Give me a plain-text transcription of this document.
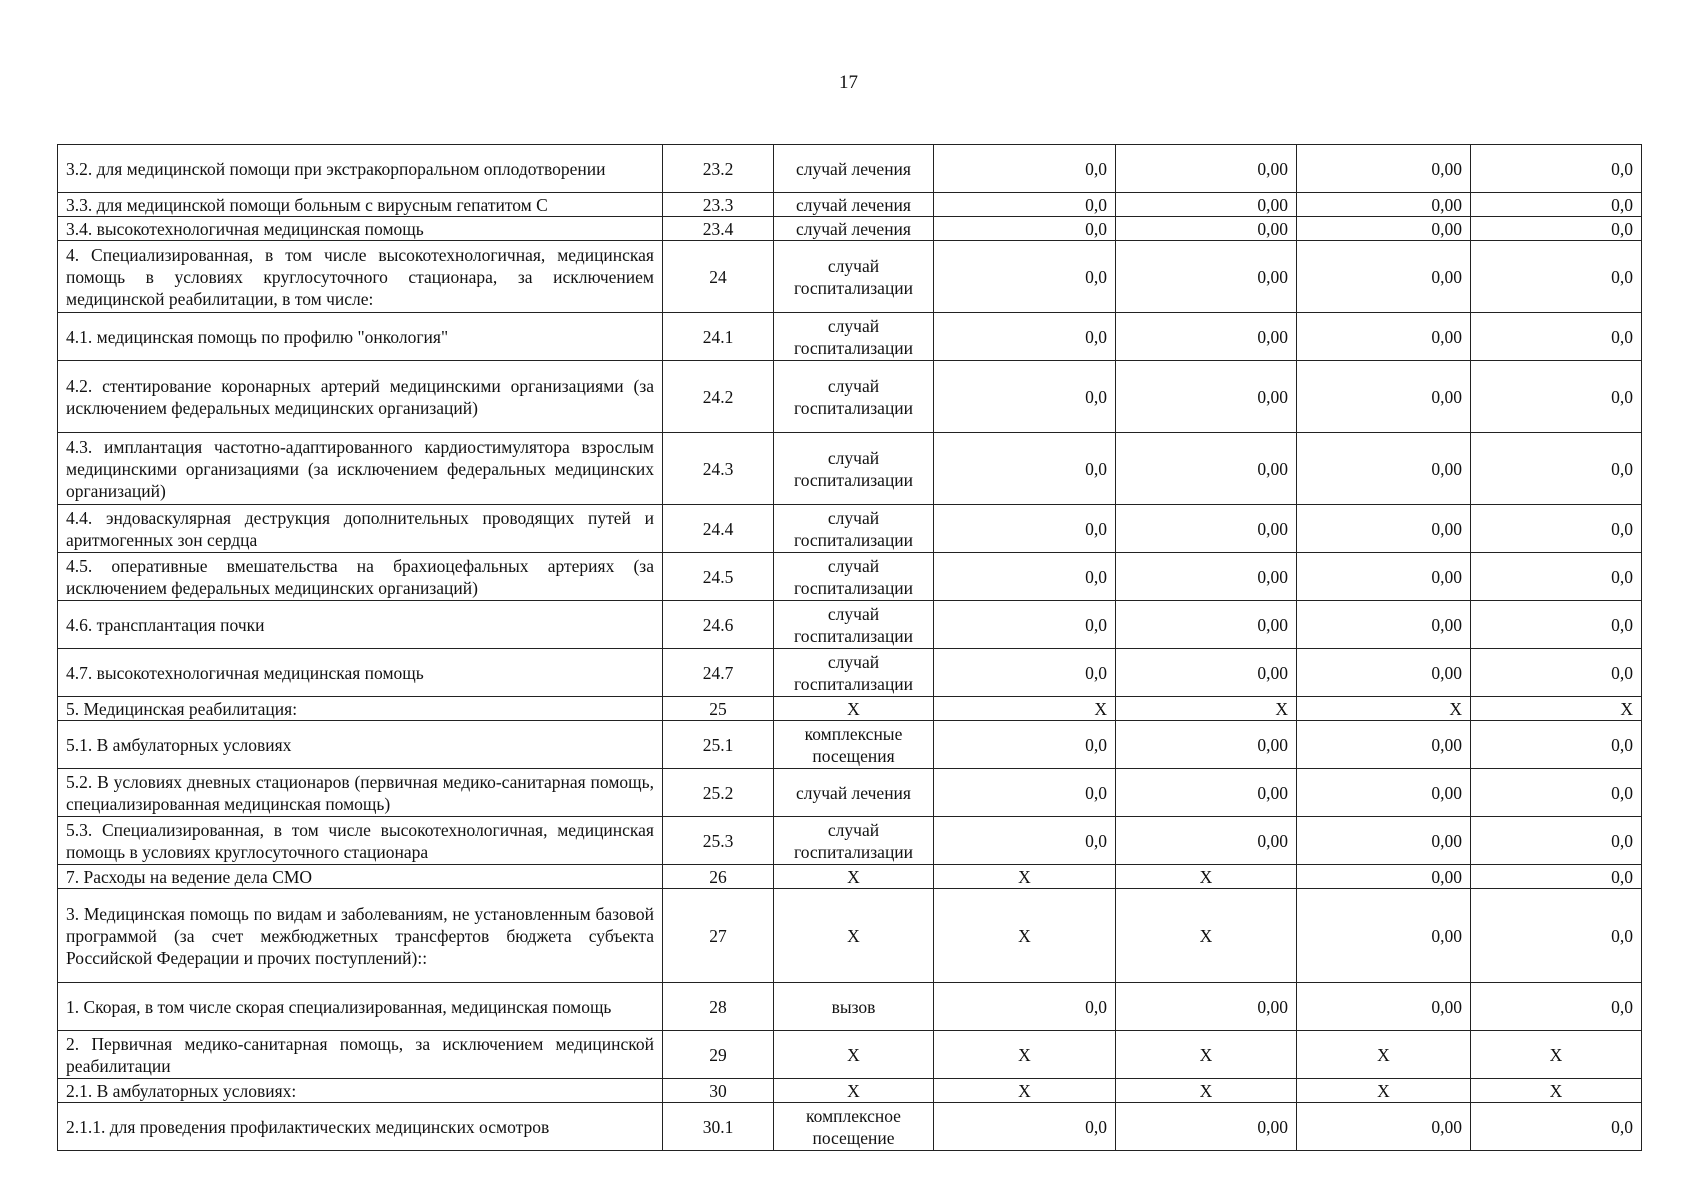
17
3.2. для медицинской помощи при экстракорпоральном оплодотворении	23.2	случай лечения	0,0	0,00	0,00	0,0
3.3. для медицинской помощи больным с вирусным гепатитом С	23.3	случай лечения	0,0	0,00	0,00	0,0
3.4. высокотехнологичная медицинская помощь	23.4	случай лечения	0,0	0,00	0,00	0,0
4. Специализированная, в том числе высокотехнологичная, медицинская помощь в условиях круглосуточного стационара, за исключением медицинской реабилитации, в том числе:	24	случай госпитализации	0,0	0,00	0,00	0,0
4.1. медицинская помощь по профилю "онкология"	24.1	случай госпитализации	0,0	0,00	0,00	0,0
4.2. стентирование коронарных артерий медицинскими организациями (за исключением федеральных медицинских организаций)	24.2	случай госпитализации	0,0	0,00	0,00	0,0
4.3. имплантация частотно-адаптированного кардиостимулятора взрослым медицинскими организациями (за исключением федеральных медицинских организаций)	24.3	случай госпитализации	0,0	0,00	0,00	0,0
4.4. эндоваскулярная деструкция дополнительных проводящих путей и аритмогенных зон сердца	24.4	случай госпитализации	0,0	0,00	0,00	0,0
4.5. оперативные вмешательства на брахиоцефальных артериях (за исключением федеральных медицинских организаций)	24.5	случай госпитализации	0,0	0,00	0,00	0,0
4.6. трансплантация почки	24.6	случай госпитализации	0,0	0,00	0,00	0,0
4.7. высокотехнологичная медицинская помощь	24.7	случай госпитализации	0,0	0,00	0,00	0,0
5. Медицинская реабилитация:	25	Х	Х	Х	Х	Х
5.1. В амбулаторных условиях	25.1	комплексные посещения	0,0	0,00	0,00	0,0
5.2. В условиях дневных стационаров (первичная медико-санитарная помощь, специализированная медицинская помощь)	25.2	случай лечения	0,0	0,00	0,00	0,0
5.3. Специализированная, в том числе высокотехнологичная, медицинская помощь в условиях круглосуточного стационара	25.3	случай госпитализации	0,0	0,00	0,00	0,0
7. Расходы на ведение дела СМО	26	Х	Х	Х	0,00	0,0
3. Медицинская помощь по видам и заболеваниям, не установленным базовой программой (за счет межбюджетных трансфертов бюджета субъекта Российской Федерации и прочих поступлений)::	27	Х	Х	Х	0,00	0,0
1. Скорая, в том числе скорая специализированная, медицинская помощь	28	вызов	0,0	0,00	0,00	0,0
2. Первичная медико-санитарная помощь, за исключением медицинской реабилитации	29	Х	Х	Х	Х	Х
2.1. В амбулаторных условиях:	30	Х	Х	Х	Х	Х
2.1.1. для проведения профилактических медицинских осмотров	30.1	комплексное посещение	0,0	0,00	0,00	0,0
